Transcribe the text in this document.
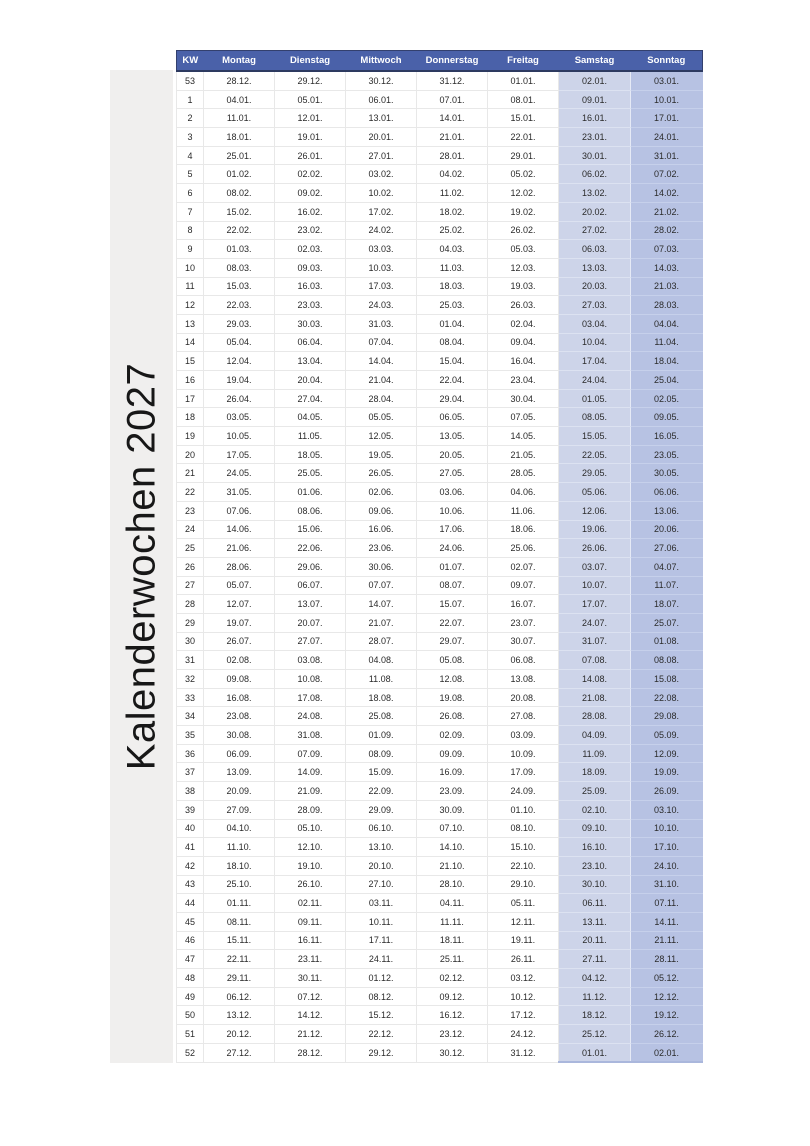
Kalenderwochen 2027
KW	Montag	Dienstag	Mittwoch	Donnerstag	Freitag	Samstag	Sonntag
53	28.12.	29.12.	30.12.	31.12.	01.01.	02.01.	03.01.
1	04.01.	05.01.	06.01.	07.01.	08.01.	09.01.	10.01.
2	11.01.	12.01.	13.01.	14.01.	15.01.	16.01.	17.01.
3	18.01.	19.01.	20.01.	21.01.	22.01.	23.01.	24.01.
4	25.01.	26.01.	27.01.	28.01.	29.01.	30.01.	31.01.
5	01.02.	02.02.	03.02.	04.02.	05.02.	06.02.	07.02.
6	08.02.	09.02.	10.02.	11.02.	12.02.	13.02.	14.02.
7	15.02.	16.02.	17.02.	18.02.	19.02.	20.02.	21.02.
8	22.02.	23.02.	24.02.	25.02.	26.02.	27.02.	28.02.
9	01.03.	02.03.	03.03.	04.03.	05.03.	06.03.	07.03.
10	08.03.	09.03.	10.03.	11.03.	12.03.	13.03.	14.03.
11	15.03.	16.03.	17.03.	18.03.	19.03.	20.03.	21.03.
12	22.03.	23.03.	24.03.	25.03.	26.03.	27.03.	28.03.
13	29.03.	30.03.	31.03.	01.04.	02.04.	03.04.	04.04.
14	05.04.	06.04.	07.04.	08.04.	09.04.	10.04.	11.04.
15	12.04.	13.04.	14.04.	15.04.	16.04.	17.04.	18.04.
16	19.04.	20.04.	21.04.	22.04.	23.04.	24.04.	25.04.
17	26.04.	27.04.	28.04.	29.04.	30.04.	01.05.	02.05.
18	03.05.	04.05.	05.05.	06.05.	07.05.	08.05.	09.05.
19	10.05.	11.05.	12.05.	13.05.	14.05.	15.05.	16.05.
20	17.05.	18.05.	19.05.	20.05.	21.05.	22.05.	23.05.
21	24.05.	25.05.	26.05.	27.05.	28.05.	29.05.	30.05.
22	31.05.	01.06.	02.06.	03.06.	04.06.	05.06.	06.06.
23	07.06.	08.06.	09.06.	10.06.	11.06.	12.06.	13.06.
24	14.06.	15.06.	16.06.	17.06.	18.06.	19.06.	20.06.
25	21.06.	22.06.	23.06.	24.06.	25.06.	26.06.	27.06.
26	28.06.	29.06.	30.06.	01.07.	02.07.	03.07.	04.07.
27	05.07.	06.07.	07.07.	08.07.	09.07.	10.07.	11.07.
28	12.07.	13.07.	14.07.	15.07.	16.07.	17.07.	18.07.
29	19.07.	20.07.	21.07.	22.07.	23.07.	24.07.	25.07.
30	26.07.	27.07.	28.07.	29.07.	30.07.	31.07.	01.08.
31	02.08.	03.08.	04.08.	05.08.	06.08.	07.08.	08.08.
32	09.08.	10.08.	11.08.	12.08.	13.08.	14.08.	15.08.
33	16.08.	17.08.	18.08.	19.08.	20.08.	21.08.	22.08.
34	23.08.	24.08.	25.08.	26.08.	27.08.	28.08.	29.08.
35	30.08.	31.08.	01.09.	02.09.	03.09.	04.09.	05.09.
36	06.09.	07.09.	08.09.	09.09.	10.09.	11.09.	12.09.
37	13.09.	14.09.	15.09.	16.09.	17.09.	18.09.	19.09.
38	20.09.	21.09.	22.09.	23.09.	24.09.	25.09.	26.09.
39	27.09.	28.09.	29.09.	30.09.	01.10.	02.10.	03.10.
40	04.10.	05.10.	06.10.	07.10.	08.10.	09.10.	10.10.
41	11.10.	12.10.	13.10.	14.10.	15.10.	16.10.	17.10.
42	18.10.	19.10.	20.10.	21.10.	22.10.	23.10.	24.10.
43	25.10.	26.10.	27.10.	28.10.	29.10.	30.10.	31.10.
44	01.11.	02.11.	03.11.	04.11.	05.11.	06.11.	07.11.
45	08.11.	09.11.	10.11.	11.11.	12.11.	13.11.	14.11.
46	15.11.	16.11.	17.11.	18.11.	19.11.	20.11.	21.11.
47	22.11.	23.11.	24.11.	25.11.	26.11.	27.11.	28.11.
48	29.11.	30.11.	01.12.	02.12.	03.12.	04.12.	05.12.
49	06.12.	07.12.	08.12.	09.12.	10.12.	11.12.	12.12.
50	13.12.	14.12.	15.12.	16.12.	17.12.	18.12.	19.12.
51	20.12.	21.12.	22.12.	23.12.	24.12.	25.12.	26.12.
52	27.12.	28.12.	29.12.	30.12.	31.12.	01.01.	02.01.
